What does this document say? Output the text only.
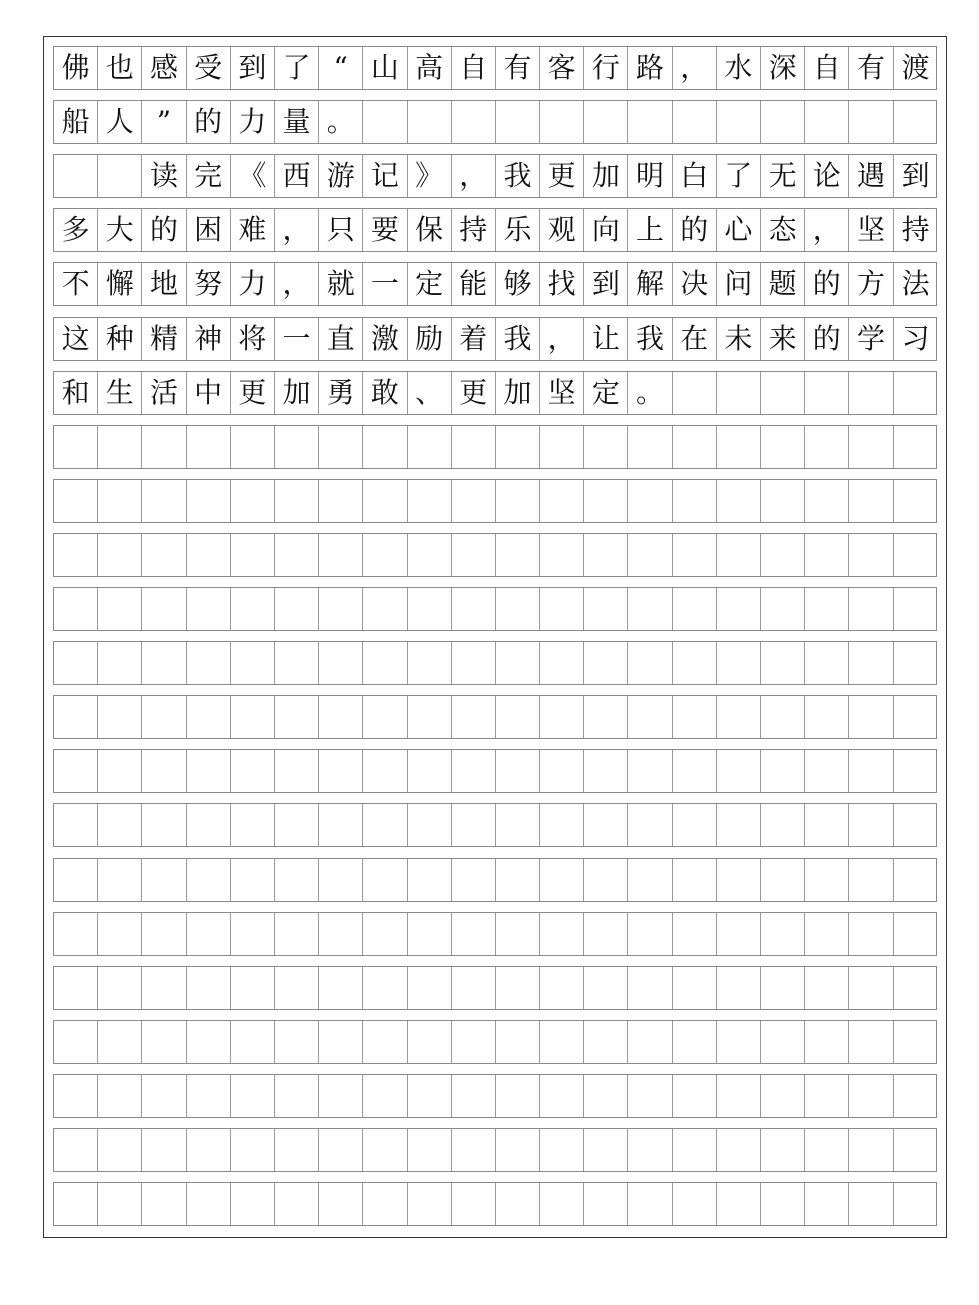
佛 也 感 受 到 了 “ 山 高 自 有 客 行 路 ， 水 深 自 有 渡
船 人 ” 的 力 量 。
读 完 《 西 游 记 》 ， 我 更 加 明 白 了 无 论 遇 到
多 大 的 困 难 ， 只 要 保 持 乐 观 向 上 的 心 态 ， 坚 持
不 懈 地 努 力 ， 就 一 定 能 够 找 到 解 决 问 题 的 方 法
这 种 精 神 将 一 直 激 励 着 我 ， 让 我 在 未 来 的 学 习
和 生 活 中 更 加 勇 敢 、 更 加 坚 定 。
